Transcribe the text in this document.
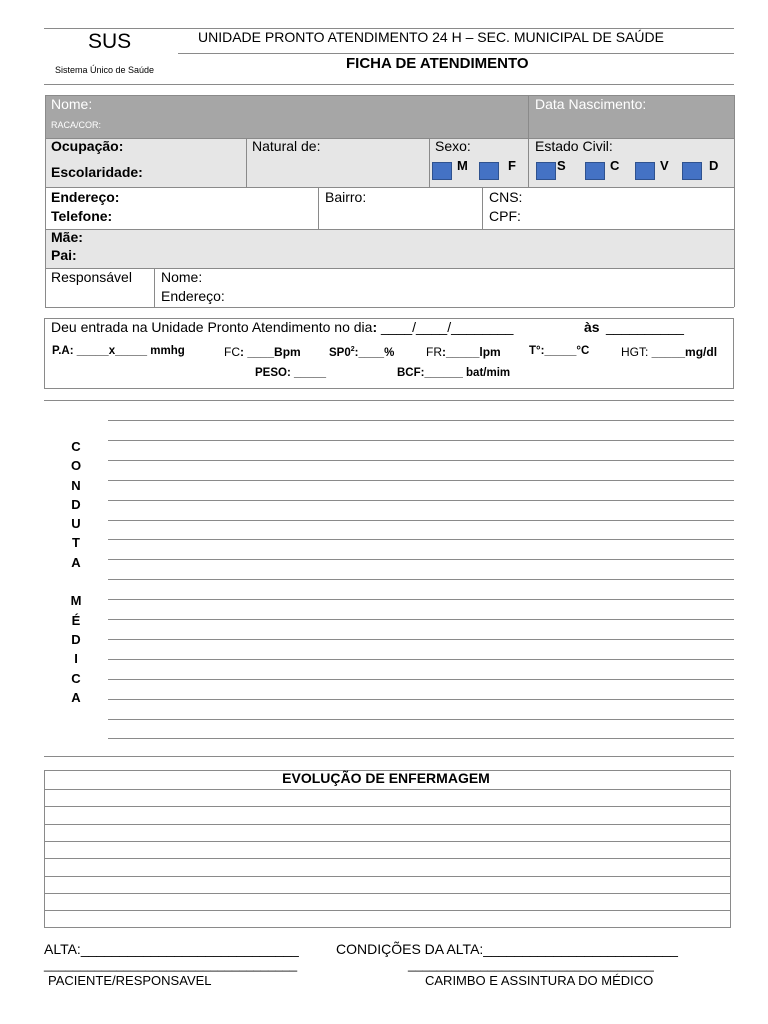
SUS
Sistema Único de Saúde
UNIDADE PRONTO ATENDIMENTO 24 H – SEC. MUNICIPAL DE SAÚDE
FICHA DE ATENDIMENTO
Nome:
RACA/COR:
Data Nascimento:
Ocupação:
Escolaridade:
Natural de:	Sexo:
M	F
Estado Civil:
S	C	V	D
Endereço:
Telefone:
Bairro:	CNS:
CPF:
Mãe:
Pai:
Responsável Nome:
Endereço:
Deu entrada na Unidade Pronto Atendimento no dia: ____/____/________	às __________
P.A: _____x_____ mmhg	FC: ____Bpm $SP0^2:\_\_\_\_\%$	FR:_____lpm T°:_____°C	HGT: _____mg/dl
PESO: _____	BCF:______ bat/mim
C
O
N
D
U
T
A

M
É
D
I
C
A
EVOLUÇÃO DE ENFERMAGEM
ALTA:____________________________	CONDIÇÕES DA ALTA:_________________________
___________________________________	__________________________________
PACIENTE/RESPONSAVEL	CARIMBO E ASSINTURA DO MÉDICO
